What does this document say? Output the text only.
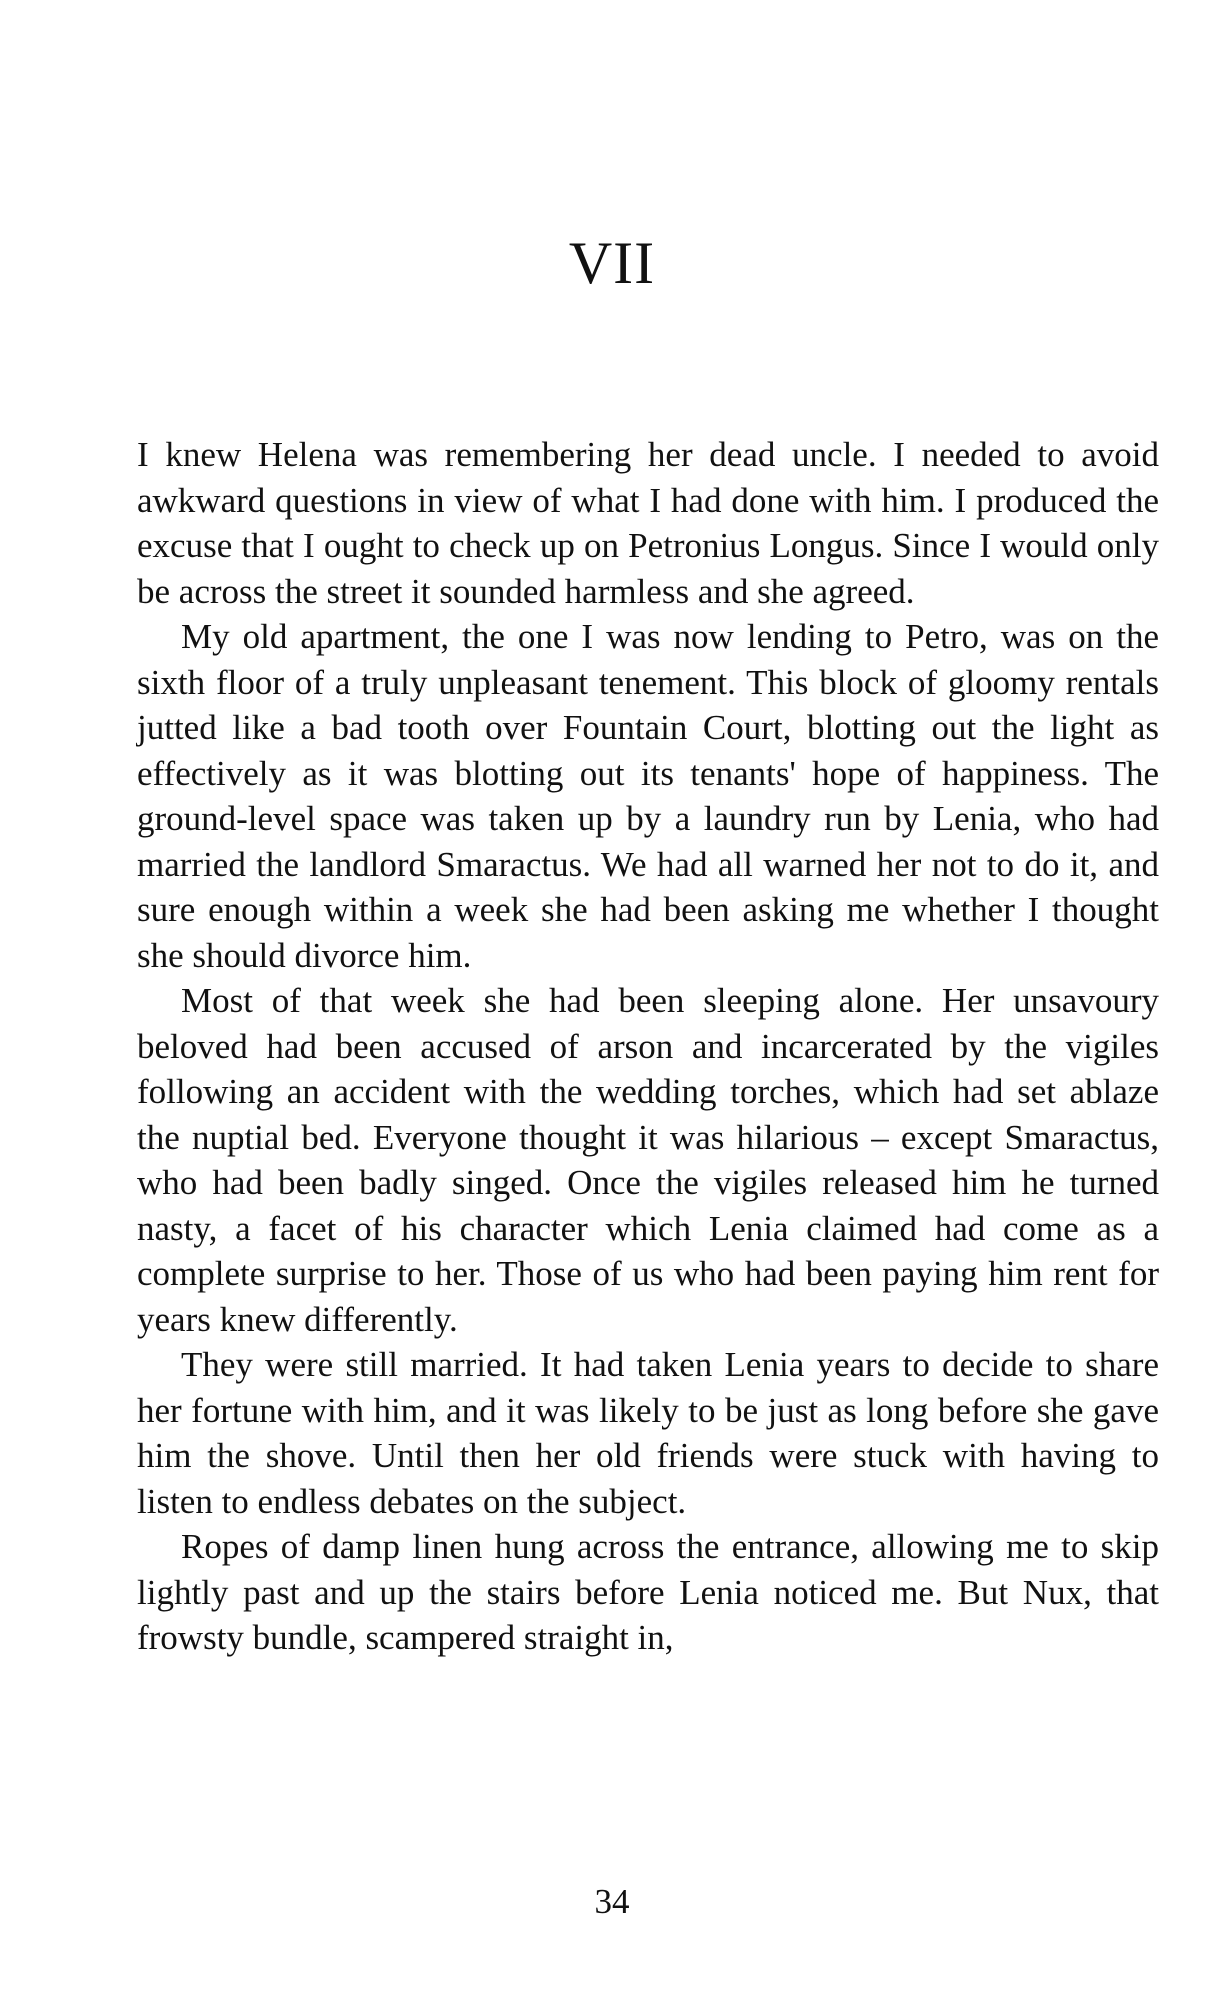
VII

I knew Helena was remembering her dead uncle. I needed to avoid awkward questions in view of what I had done with him. I produced the excuse that I ought to check up on Petronius Longus. Since I would only be across the street it sounded harmless and she agreed.

My old apartment, the one I was now lending to Petro, was on the sixth floor of a truly unpleasant tenement. This block of gloomy rentals jutted like a bad tooth over Fountain Court, blotting out the light as effectively as it was blotting out its tenants' hope of happiness. The ground-level space was taken up by a laundry run by Lenia, who had married the landlord Smaractus. We had all warned her not to do it, and sure enough within a week she had been asking me whether I thought she should divorce him.

Most of that week she had been sleeping alone. Her unsavoury beloved had been accused of arson and incarcerated by the vigiles following an accident with the wedding torches, which had set ablaze the nuptial bed. Everyone thought it was hilarious – except Smaractus, who had been badly singed. Once the vigiles released him he turned nasty, a facet of his character which Lenia claimed had come as a complete surprise to her. Those of us who had been paying him rent for years knew differently.

They were still married. It had taken Lenia years to decide to share her fortune with him, and it was likely to be just as long before she gave him the shove. Until then her old friends were stuck with having to listen to endless debates on the subject.

Ropes of damp linen hung across the entrance, allowing me to skip lightly past and up the stairs before Lenia noticed me. But Nux, that frowsty bundle, scampered straight in,

34
